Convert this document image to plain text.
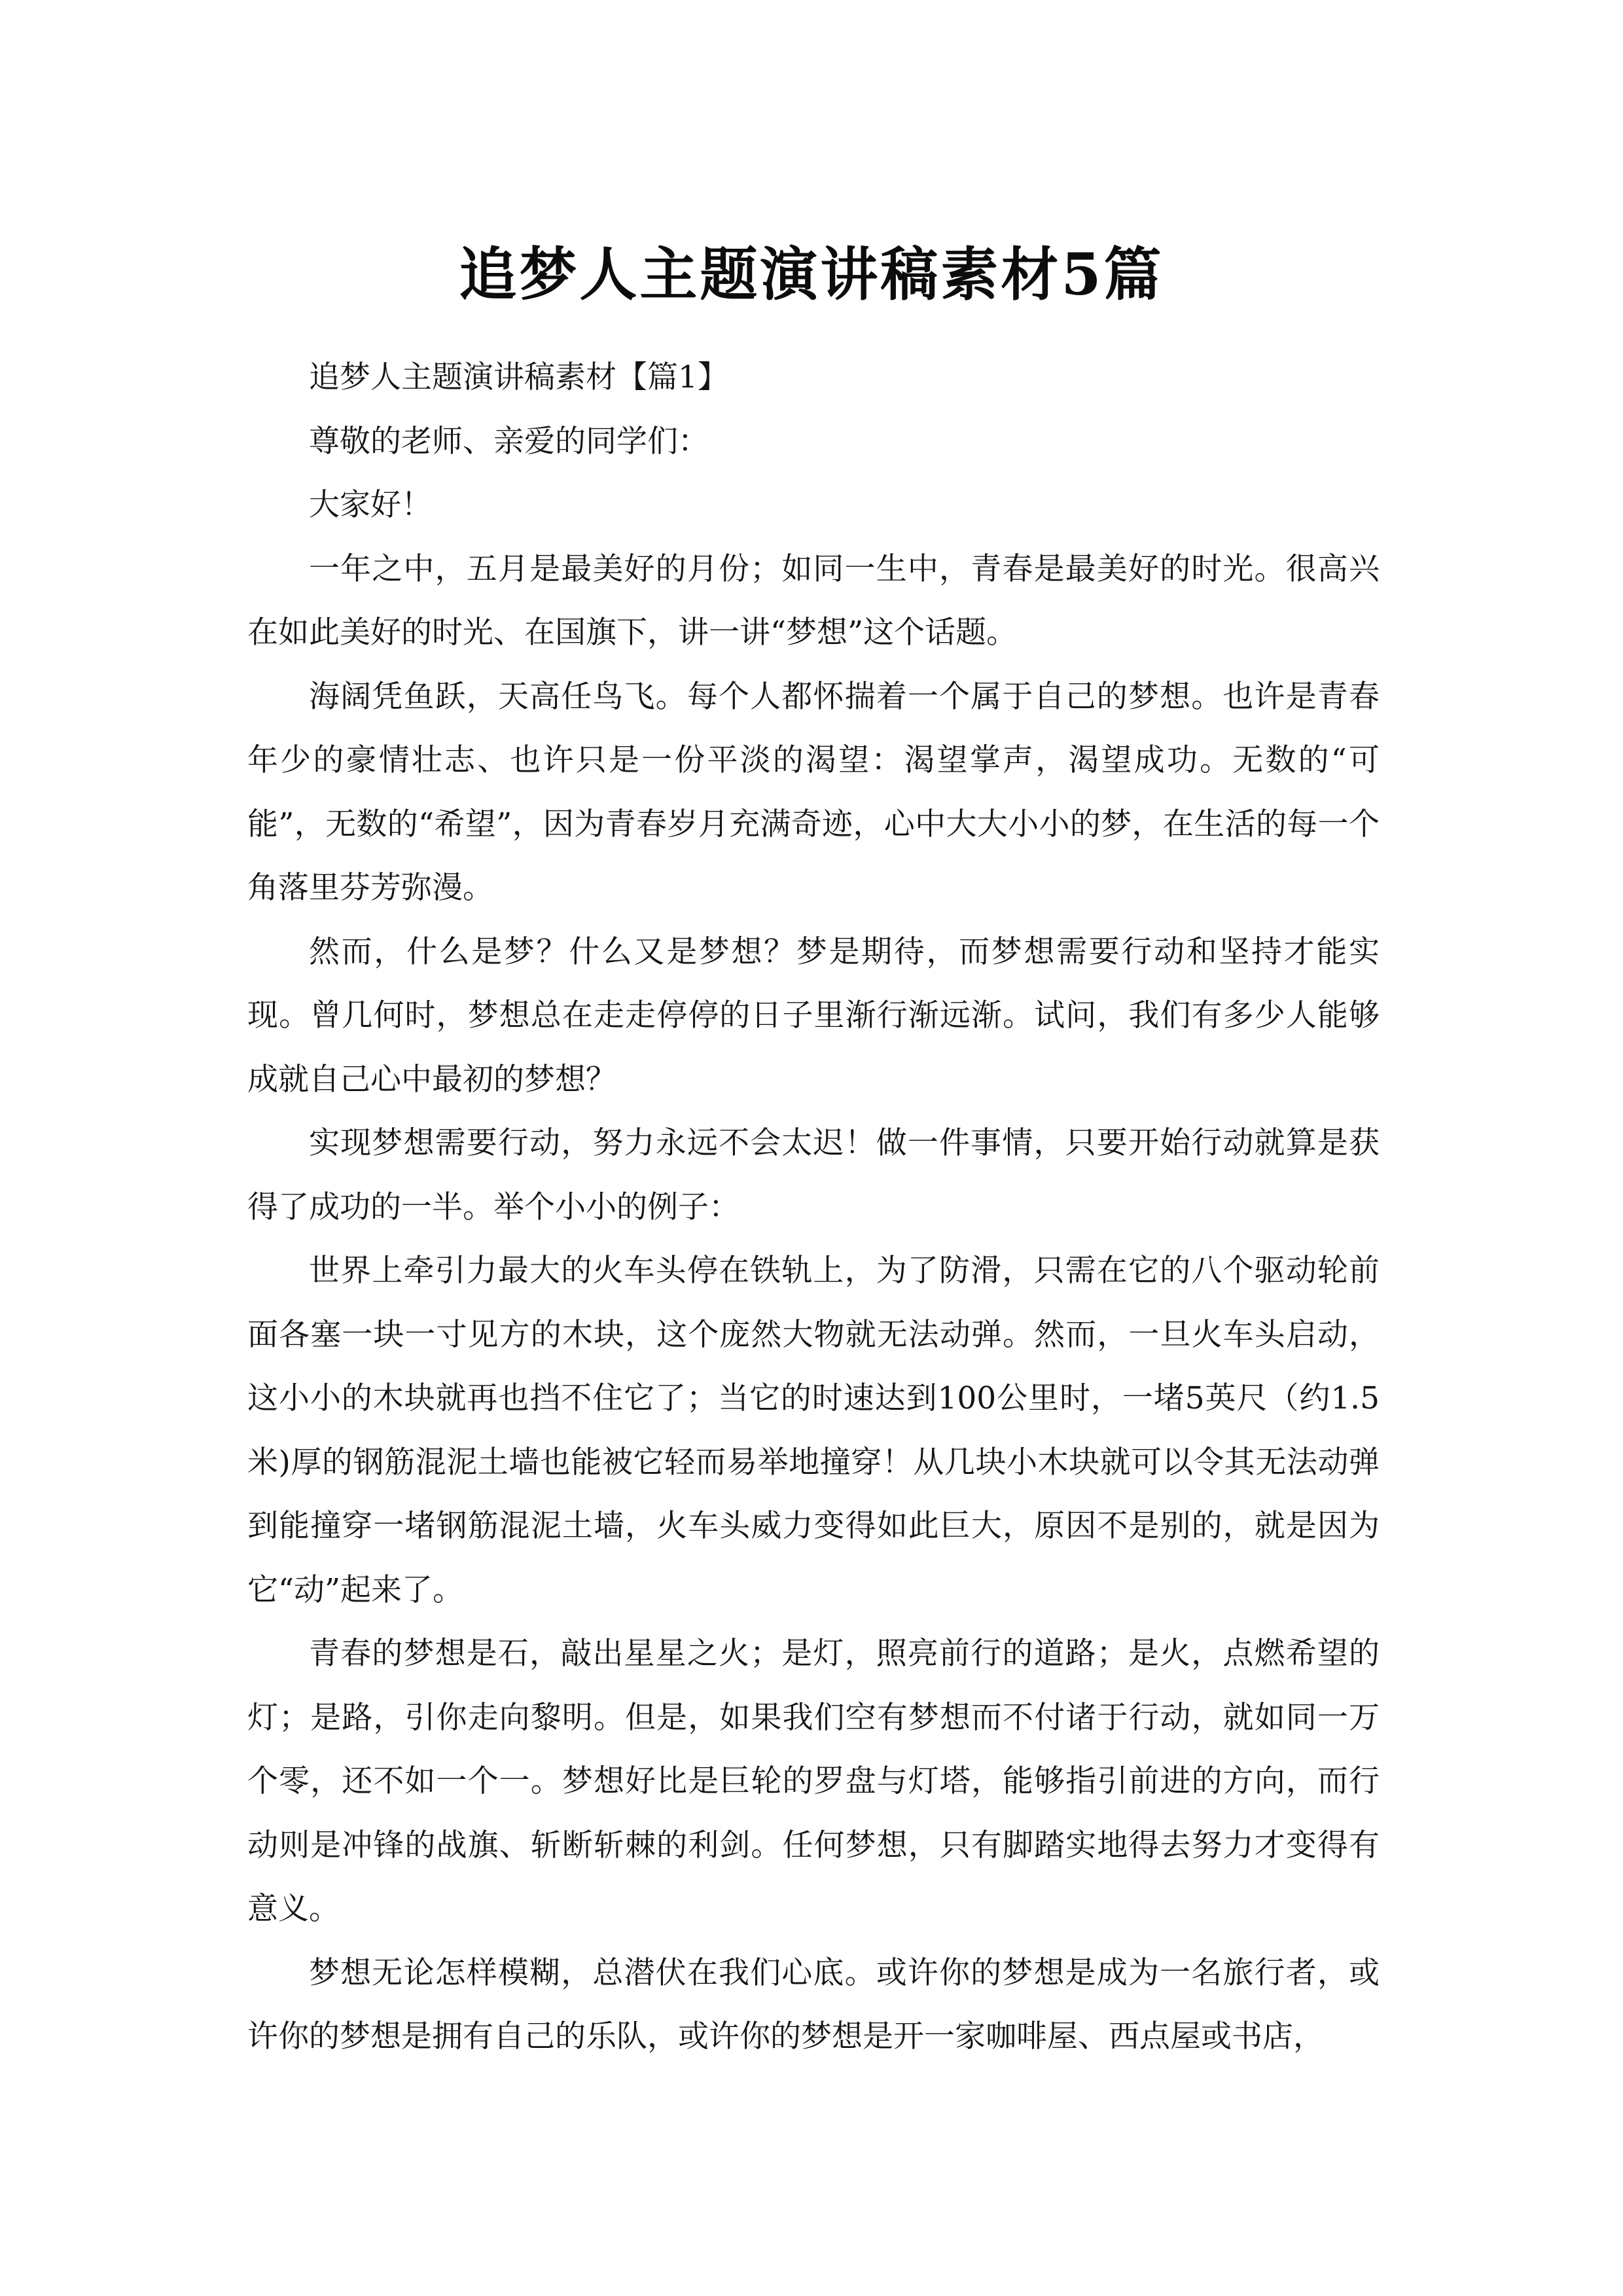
追梦人主题演讲稿素材5篇

追梦人主题演讲稿素材【篇1】

尊敬的老师、亲爱的同学们：

大家好！

一年之中，五月是最美好的月份；如同一生中，青春是最美好的时光。很高兴在如此美好的时光、在国旗下，讲一讲“梦想”这个话题。

海阔凭鱼跃，天高任鸟飞。每个人都怀揣着一个属于自己的梦想。也许是青春年少的豪情壮志、也许只是一份平淡的渴望：渴望掌声，渴望成功。无数的“可能”，无数的“希望”，因为青春岁月充满奇迹，心中大大小小的梦，在生活的每一个角落里芬芳弥漫。

然而，什么是梦？什么又是梦想？梦是期待，而梦想需要行动和坚持才能实现。曾几何时，梦想总在走走停停的日子里渐行渐远渐。试问，我们有多少人能够成就自己心中最初的梦想？

实现梦想需要行动，努力永远不会太迟！做一件事情，只要开始行动就算是获得了成功的一半。举个小小的例子：

世界上牵引力最大的火车头停在铁轨上，为了防滑，只需在它的八个驱动轮前面各塞一块一寸见方的木块，这个庞然大物就无法动弹。然而，一旦火车头启动，这小小的木块就再也挡不住它了；当它的时速达到100公里时，一堵5英尺（约1.5米)厚的钢筋混泥土墙也能被它轻而易举地撞穿！从几块小木块就可以令其无法动弹到能撞穿一堵钢筋混泥土墙，火车头威力变得如此巨大，原因不是别的，就是因为它“动”起来了。

青春的梦想是石，敲出星星之火；是灯，照亮前行的道路；是火，点燃希望的灯；是路，引你走向黎明。但是，如果我们空有梦想而不付诸于行动，就如同一万个零，还不如一个一。梦想好比是巨轮的罗盘与灯塔，能够指引前进的方向，而行动则是冲锋的战旗、斩断斩棘的利剑。任何梦想，只有脚踏实地得去努力才变得有意义。

梦想无论怎样模糊，总潜伏在我们心底。或许你的梦想是成为一名旅行者，或许你的梦想是拥有自己的乐队，或许你的梦想是开一家咖啡屋、西点屋或书店，
